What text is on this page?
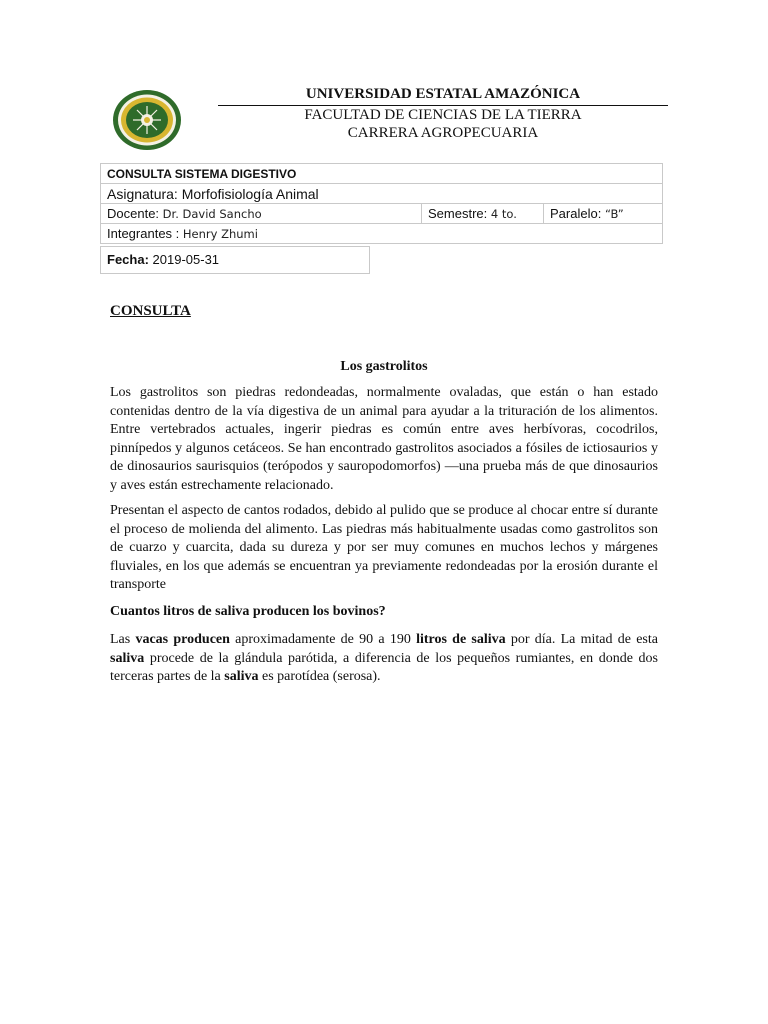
UNIVERSIDAD ESTATAL AMAZÓNICA
FACULTAD DE CIENCIAS DE LA TIERRA
CARRERA AGROPECUARIA
CONSULTA SISTEMA DIGESTIVO
Asignatura: Morfofisiología Animal
Docente: Dr. David Sancho	Semestre: 4 to.	Paralelo: “B”
Integrantes : Henry Zhumi
Fecha: 2019-05-31
CONSULTA
Los gastrolitos
Los gastrolitos son piedras redondeadas, normalmente ovaladas, que están o han estado contenidas dentro de la vía digestiva de un animal para ayudar a la trituración de los alimentos. Entre vertebrados actuales, ingerir piedras es común entre aves herbívoras, cocodrilos, pinnípedos y algunos cetáceos. Se han encontrado gastrolitos asociados a fósiles de ictiosaurios y de dinosaurios saurisquios (terópodos y sauropodomorfos) —una prueba más de que dinosaurios y aves están estrechamente relacionado.
Presentan el aspecto de cantos rodados, debido al pulido que se produce al chocar entre sí durante el proceso de molienda del alimento. Las piedras más habitualmente usadas como gastrolitos son de cuarzo y cuarcita, dada su dureza y por ser muy comunes en muchos lechos y márgenes fluviales, en los que además se encuentran ya previamente redondeadas por la erosión durante el transporte
Cuantos litros de saliva producen los bovinos?
Las vacas producen aproximadamente de 90 a 190 litros de saliva por día. La mitad de esta saliva procede de la glándula parótida, a diferencia de los pequeños rumiantes, en donde dos terceras partes de la saliva es parotídea (serosa).
